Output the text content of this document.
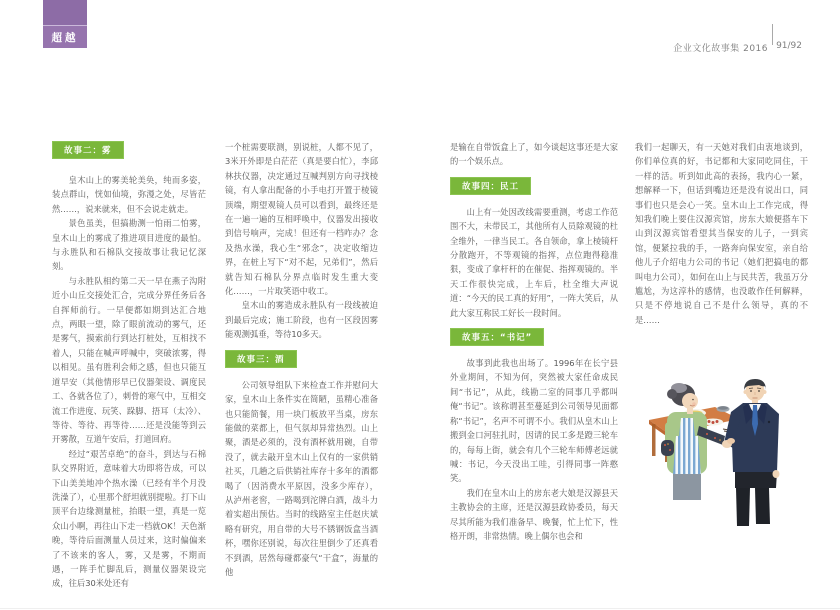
超越
企业文化故事集 2016 91/92
故事二：雾

皇木山上的雾美轮美奂，纯而多姿，装点群山，恍如仙境，弥漫之处，尽皆茫然……，说来就来，但不会说走就走。

景色虽美，但搞勘测一怕雨二怕雾，皇木山上的雾成了推进项目进度的最怕。与永胜队和石棉队交接故事让我记忆深刻。

与永胜队相约第二天一早在燕子沟附近小山丘交接处汇合，完成分界任务后各自挥师前行。一早便都如期到达汇合地点，两眼一望，除了眼前流动的雾气，还是雾气，摸索前行到达打桩处，互相找不着人，只能在喊声呼喊中，突破浓雾，得以相见。虽有胜利会师之感，但也只能互道早安（其他情形早已仪器架设、调度民工、各就各位了），刺骨的寒气中，互相交流工作进度、玩笑、跺脚、捂耳（太冷）、等待、等待、再等待……还是没能等到云开雾散，互道午安后，打道回府。

经过“艰苦卓绝”的奋斗，到达与石棉队交界附近，意味着大功即将告成，可以下山美美地冲个热水澡（已经有半个月没洗澡了），心里那个舒坦就别提啦。打下山顶平台边缘测量桩，抬眼一望，真是一览众山小啊，再往山下走一档就OK！天色渐晚，等待后面测量人员过来，这时偏偏来了不该来的客人，雾，又是雾，不期而遇，一阵手忙脚乱后，测量仪器架设完成，往后30米处还有

一个桩需要联测，别说桩，人都不见了，3米开外即是白茫茫（真是要白忙），李邱林扶仪器，决定通过互喊判别方向寻找棱镜，有人拿出配备的小手电打开置于棱镜顶端，期望观镜人员可以看到，最终还是在一遍一遍的互相呼唤中，仪器发出接收到信号响声，完成！但还有一档咋办？念及热水澡，我心生“邪念”，决定收缩边界，在桩上写下“对不起，兄弟们”，然后就告知石棉队分界点临时发生重大变化……，一片取笑语中收工。

皇木山的雾造成永胜队有一段线被迫到最后完成；施工阶段，也有一区段因雾能观测弧垂，等待10多天。

故事三：酒

公司领导组队下来检查工作并慰问大家，皇木山上条件实在简陋，虽精心准备也只能简餐，用一块门板放平当桌，房东能做的菜都上，但气氛却异常热烈。山上聚，酒是必须的，没有酒杯就用碗，自带没了，就去敲开皇木山上仅有的一家供销社买，几趟之后供销社库存十多年的酒都喝了（因消费水平原因，没多少库存），从泸州老窖，一路喝到沱牌白酒，战斗力着实超出预估。当时的线路室主任赵庆斌略有研究，用自带的大号不锈钢饭盒当酒杯，嘿你还别说，每次往里倒少了还真看不到酒，居然每碰都豪气“干盒”，海量的他

是输在自带饭盒上了，如今谈起这事还是大家的一个娱乐点。

故事四：民工

山上有一处因改线需要重测，考虑工作范围不大，未带民工，其他所有人员除观镜的杜全维外，一律当民工。各自领命，拿上棱镜杆分散跑开，不等观镜的指挥，点位跑得稳准狠，变成了拿杆杆的在催促、指挥观镜的。半天工作很快完成，上车后，杜全维大声说道：“今天的民工真的好用”，一阵大笑后，从此大家互称民工好长一段时间。

故事五：“书记”

故事到此我也出场了。1996年在长宁县外业期间，不知为何，突然被大家任命成民间“书记”，从此，线勘二室的同事几乎都叫俺“书记”。该称谓甚至蔓延到公司领导见面都称“书记”，名声不可谓不小。我们从皇木山上搬到金口河驻扎时，因请的民工多是蹬三轮车的，每每上街，就会有几个三轮车师傅老远就喊：书记，今天没出工哇，引得同事一阵憨笑。

我们在皇木山上的房东老大娘是汉源县天主教协会的主席，还是汉源县政协委员，每天尽其所能为我们准备早、晚餐，忙上忙下，性格开朗，非常热情。晚上偶尔也会和

我们一起聊天，有一天她对我们由衷地谈到，你们单位真的好，书记都和大家同吃同住，干一样的活。听到如此高的表扬，我内心一紧，想解释一下，但话到嘴边还是没有说出口，同事们也只是会心一笑。皇木山上工作完成，得知我们晚上要住汉源宾馆，房东大娘便搭车下山到汉源宾馆看望其当保安的儿子，一到宾馆，便紧拉我的手，一路奔向保安室，亲自给他儿子介绍电力公司的书记（她们把搞电的都叫电力公司），如何在山上与民共苦，我虽万分尴尬，为这淳朴的感情，也没敢作任何解释，只是不停地说自己不是什么领导，真的不是……
